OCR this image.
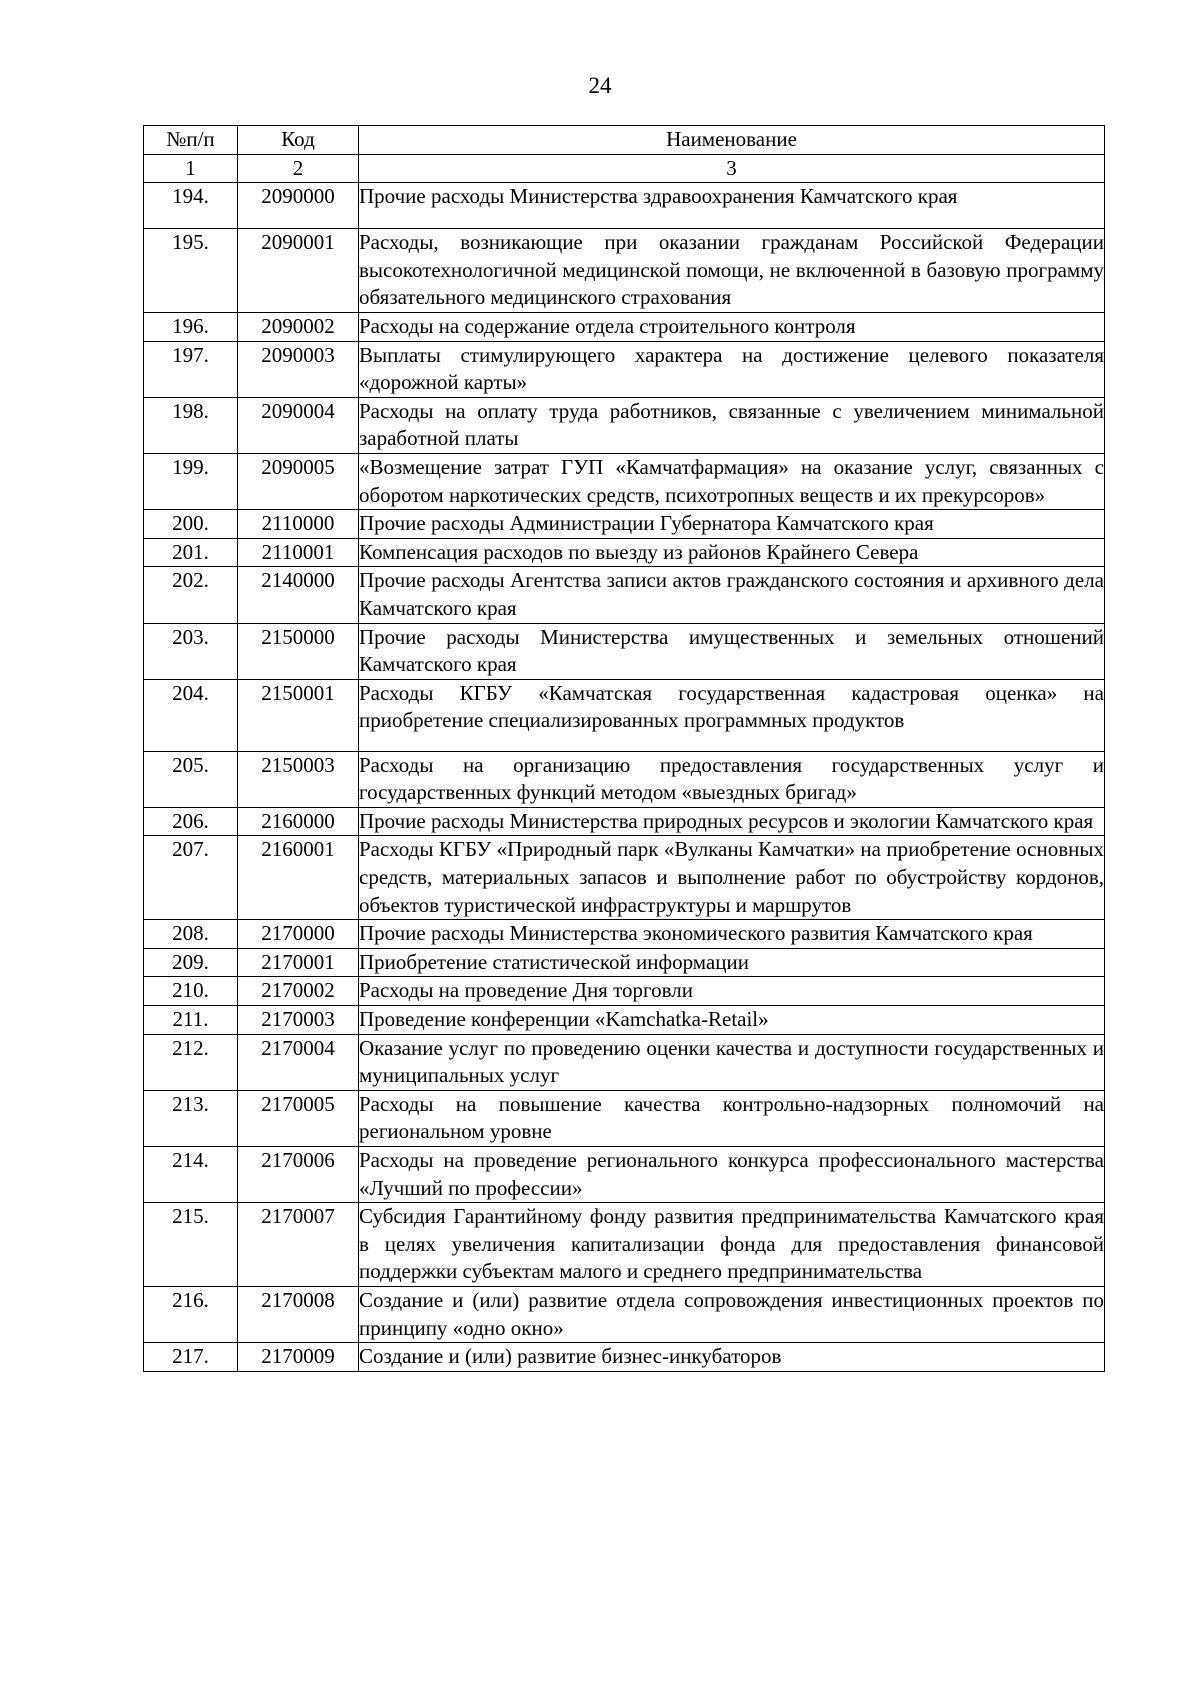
24
№п/п	Код	Наименование
1	2	3
194.	2090000	Прочие расходы Министерства здравоохранения Камчатского края
195.	2090001	Расходы, возникающие при оказании гражданам Российской Федерации высокотехнологичной медицинской помощи, не включенной в базовую программу обязательного медицинского страхования
196.	2090002	Расходы на содержание отдела строительного контроля
197.	2090003	Выплаты стимулирующего характера на достижение целевого показателя «дорожной карты»
198.	2090004	Расходы на оплату труда работников, связанные с увеличением минимальной заработной платы
199.	2090005	«Возмещение затрат ГУП «Камчатфармация» на оказание услуг, связанных с оборотом наркотических средств, психотропных веществ и их прекурсоров»
200.	2110000	Прочие расходы Администрации Губернатора Камчатского края
201.	2110001	Компенсация расходов по выезду из районов Крайнего Севера
202.	2140000	Прочие расходы Агентства записи актов гражданского состояния и архивного дела Камчатского края
203.	2150000	Прочие расходы Министерства имущественных и земельных отношений Камчатского края
204.	2150001	Расходы КГБУ «Камчатская государственная кадастровая оценка» на приобретение специализированных программных продуктов
205.	2150003	Расходы на организацию предоставления государственных услуг и государственных функций методом «выездных бригад»
206.	2160000	Прочие расходы Министерства природных ресурсов и экологии Камчатского края
207.	2160001	Расходы КГБУ «Природный парк «Вулканы Камчатки» на приобретение основных средств, материальных запасов и выполнение работ по обустройству кордонов, объектов туристической инфраструктуры и маршрутов
208.	2170000	Прочие расходы Министерства экономического развития Камчатского края
209.	2170001	Приобретение статистической информации
210.	2170002	Расходы на проведение Дня торговли
211.	2170003	Проведение конференции «Kamchatka-Retail»
212.	2170004	Оказание услуг по проведению оценки качества и доступности государственных и муниципальных услуг
213.	2170005	Расходы на повышение качества контрольно-надзорных полномочий на региональном уровне
214.	2170006	Расходы на проведение регионального конкурса профессионального мастерства «Лучший по профессии»
215.	2170007	Субсидия Гарантийному фонду развития предпринимательства Камчатского края в целях увеличения капитализации фонда для предоставления финансовой поддержки субъектам малого и среднего предпринимательства
216.	2170008	Создание и (или) развитие отдела сопровождения инвестиционных проектов по принципу «одно окно»
217.	2170009	Создание и (или) развитие бизнес-инкубаторов
